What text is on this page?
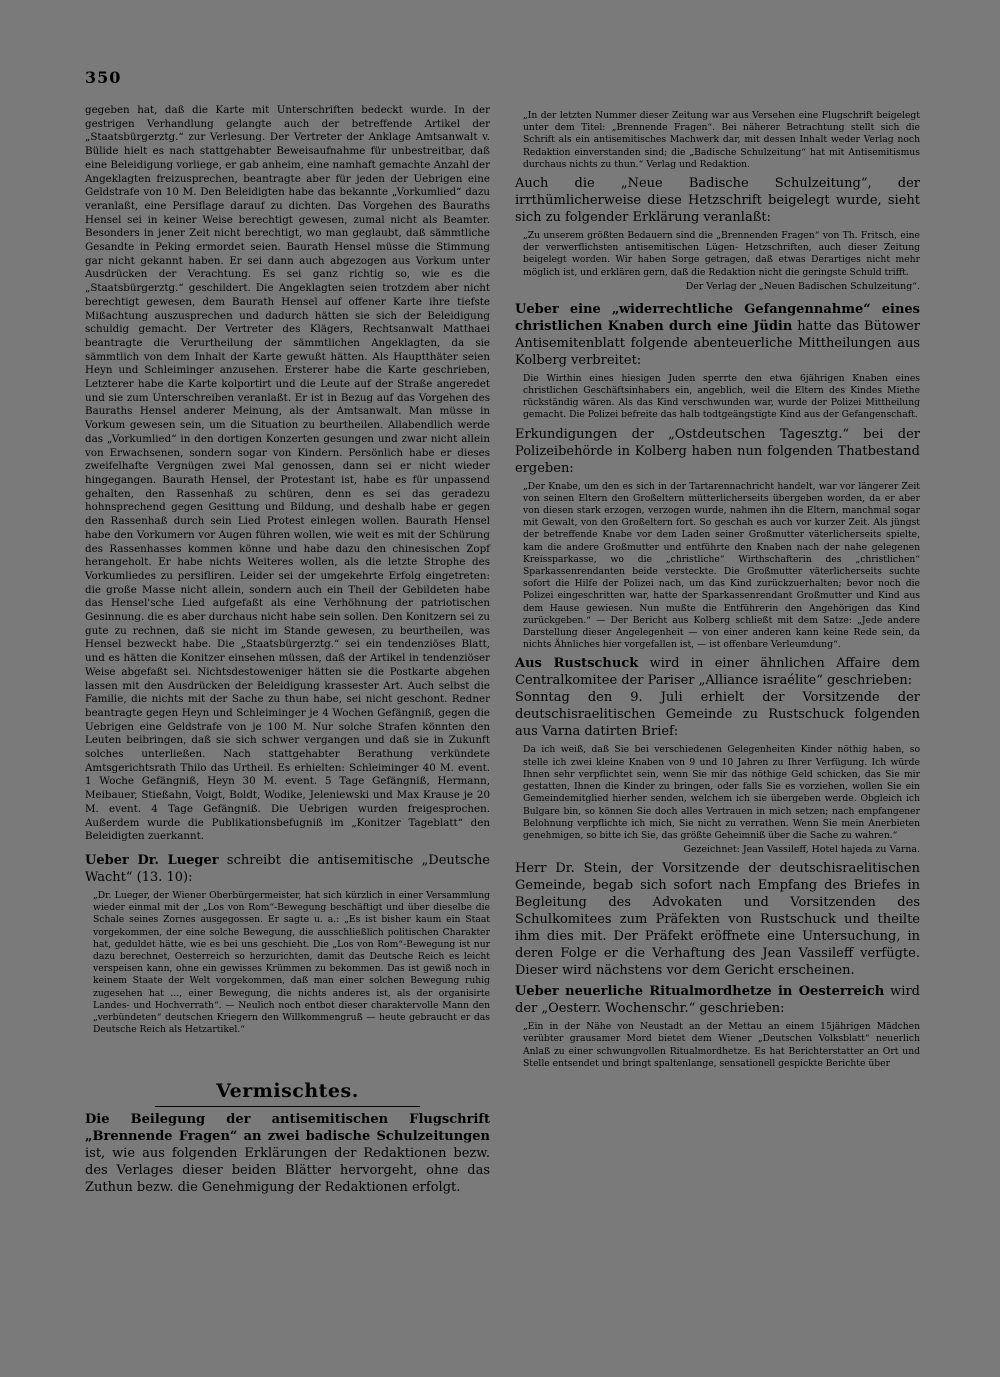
350

gegeben hat, daß die Karte mit Unterschriften bedeckt wurde. In der gestrigen Verhandlung gelangte auch der betreffende Artikel der „Staatsbürgerztg.“ zur Verlesung. Der Vertreter der Anklage Amtsanwalt v. Bülide hielt es nach stattgehabter Beweisaufnahme für unbestreitbar, daß eine Beleidigung vorliege, er gab anheim, eine namhaft gemachte Anzahl der Angeklagten freizusprechen, beantragte aber für jeden der Uebrigen eine Geldstrafe von 10 M. Den Beleidigten habe das bekannte „Vorkumlied“ dazu veranlaßt, eine Persiflage darauf zu dichten. Das Vorgehen des Bauraths Hensel sei in keiner Weise berechtigt gewesen, zumal nicht als Beamter. Besonders in jener Zeit nicht berechtigt, wo man geglaubt, daß sämmtliche Gesandte in Peking ermordet seien. Baurath Hensel müsse die Stimmung gar nicht gekannt haben. Er sei dann auch abgezogen aus Vorkum unter Ausdrücken der Verachtung. Es sei ganz richtig so, wie es die „Staatsbürgerztg.“ geschildert. Die Angeklagten seien trotzdem aber nicht berechtigt gewesen, dem Baurath Hensel auf offener Karte ihre tiefste Mißachtung auszusprechen und dadurch hätten sie sich der Beleidigung schuldig gemacht. Der Vertreter des Klägers, Rechtsanwalt Matthaei beantragte die Verurtheilung der sämmtlichen Angeklagten, da sie sämmtlich von dem Inhalt der Karte gewußt hätten. Als Hauptthäter seien Heyn und Schleiminger anzusehen. Ersterer habe die Karte geschrieben, Letzterer habe die Karte kolportirt und die Leute auf der Straße angeredet und sie zum Unterschreiben veranlaßt. Er ist in Bezug auf das Vorgehen des Bauraths Hensel anderer Meinung, als der Amtsanwalt. Man müsse in Vorkum gewesen sein, um die Situation zu beurtheilen. Allabendlich werde das „Vorkumlied“ in den dortigen Konzerten gesungen und zwar nicht allein von Erwachsenen, sondern sogar von Kindern. Persönlich habe er dieses zweifelhafte Vergnügen zwei Mal genossen, dann sei er nicht wieder hingegangen. Baurath Hensel, der Protestant ist, habe es für unpassend gehalten, den Rassenhaß zu schüren, denn es sei das geradezu hohnsprechend gegen Gesittung und Bildung, und deshalb habe er gegen den Rassenhaß durch sein Lied Protest einlegen wollen. Baurath Hensel habe den Vorkumern vor Augen führen wollen, wie weit es mit der Schürung des Rassenhasses kommen könne und habe dazu den chinesischen Zopf herangeholt. Er habe nichts Weiteres wollen, als die letzte Strophe des Vorkumliedes zu persifliren. Leider sei der umgekehrte Erfolg eingetreten: die große Masse nicht allein, sondern auch ein Theil der Gebildeten habe das Hensel'sche Lied aufgefaßt als eine Verhöhnung der patriotischen Gesinnung. die es aber durchaus nicht habe sein sollen. Den Konitzern sei zu gute zu rechnen, daß sie nicht im Stande gewesen, zu beurtheilen, was Hensel bezweckt habe. Die „Staatsbürgerztg.“ sei ein tendenziöses Blatt, und es hätten die Konitzer einsehen müssen, daß der Artikel in tendenziöser Weise abgefaßt sei. Nichtsdestoweniger hätten sie die Postkarte abgehen lassen mit den Ausdrücken der Beleidigung krassester Art. Auch selbst die Familie, die nichts mit der Sache zu thun habe, sei nicht geschont. Redner beantragte gegen Heyn und Schleiminger je 4 Wochen Gefängniß, gegen die Uebrigen eine Geldstrafe von je 100 M. Nur solche Strafen könnten den Leuten beibringen, daß sie sich schwer vergangen und daß sie in Zukunft solches unterließen. Nach stattgehabter Berathung verkündete Amtsgerichtsrath Thilo das Urtheil. Es erhielten: Schleiminger 40 M. event. 1 Woche Gefängniß, Heyn 30 M. event. 5 Tage Gefängniß, Hermann, Meibauer, Stießahn, Voigt, Boldt, Wodike, Jeleniewski und Max Krause je 20 M. event. 4 Tage Gefängniß. Die Uebrigen wurden freigesprochen. Außerdem wurde die Publikationsbefugniß im „Konitzer Tageblatt“ den Beleidigten zuerkannt.

Ueber Dr. Lueger schreibt die antisemitische „Deutsche Wacht“ (13. 10):

„Dr. Lueger, der Wiener Oberbürgermeister, hat sich kürzlich in einer Versammlung wieder einmal mit der „Los von Rom“-Bewegung beschäftigt und über dieselbe die Schale seines Zornes ausgegossen. Er sagte u. a.: „Es ist bisher kaum ein Staat vorgekommen, der eine solche Bewegung, die ausschließlich politischen Charakter hat, geduldet hätte, wie es bei uns geschieht. Die „Los von Rom“-Bewegung ist nur dazu berechnet, Oesterreich so herzurichten, damit das Deutsche Reich es leicht verspeisen kann, ohne ein gewisses Krümmen zu bekommen. Das ist gewiß noch in keinem Staate der Welt vorgekommen, daß man einer solchen Bewegung ruhig zugesehen hat ..., einer Bewegung, die nichts anderes ist, als der organisirte Landes- und Hochverrath“. — Neulich noch entbot dieser charaktervolle Mann den „verbündeten“ deutschen Kriegern den Willkommengruß — heute gebraucht er das Deutsche Reich als Hetzartikel.“

Vermischtes.

Die Beilegung der antisemitischen Flugschrift „Brennende Fragen“ an zwei badische Schulzeitungen ist, wie aus folgenden Erklärungen der Redaktionen bezw. des Verlages dieser beiden Blätter hervorgeht, ohne das Zuthun bezw. die Genehmigung der Redaktionen erfolgt.

„In der letzten Nummer dieser Zeitung war aus Versehen eine Flugschrift beigelegt unter dem Titel: „Brennende Fragen“. Bei näherer Betrachtung stellt sich die Schrift als ein antisemitisches Machwerk dar, mit dessen Inhalt weder Verlag noch Redaktion einverstanden sind; die „Badische Schulzeitung“ hat mit Antisemitismus durchaus nichts zu thun.“ Verlag und Redaktion.

Auch die „Neue Badische Schulzeitung“, der irrthümlicherweise diese Hetzschrift beigelegt wurde, sieht sich zu folgender Erklärung veranlaßt:

„Zu unserem größten Bedauern sind die „Brennenden Fragen“ von Th. Fritsch, eine der verwerflichsten antisemitischen Lügen- Hetzschriften, auch dieser Zeitung beigelegt worden. Wir haben Sorge getragen, daß etwas Derartiges nicht mehr möglich ist, und erklären gern, daß die Redaktion nicht die geringste Schuld trifft.

Der Verlag der „Neuen Badischen Schulzeitung“.

Ueber eine „widerrechtliche Gefangennahme“ eines christlichen Knaben durch eine Jüdin hatte das Bütower Antisemitenblatt folgende abenteuerliche Mittheilungen aus Kolberg verbreitet:

Die Wirthin eines hiesigen Juden sperrte den etwa 6jährigen Knaben eines christlichen Geschäftsinhabers ein, angeblich, weil die Eltern des Kindes Miethe rückständig wären. Als das Kind verschwunden war, wurde der Polizei Mittheilung gemacht. Die Polizei befreite das halb todtgeängstigte Kind aus der Gefangenschaft.

Erkundigungen der „Ostdeutschen Tagesztg.“ bei der Polizeibehörde in Kolberg haben nun folgenden Thatbestand ergeben:

„Der Knabe, um den es sich in der Tartarennachricht handelt, war vor längerer Zeit von seinen Eltern den Großeltern mütterlicherseits übergeben worden, da er aber von diesen stark erzogen, verzogen wurde, nahmen ihn die Eltern, manchmal sogar mit Gewalt, von den Großeltern fort. So geschah es auch vor kurzer Zeit. Als jüngst der betreffende Knabe vor dem Laden seiner Großmutter väterlicherseits spielte, kam die andere Großmutter und entführte den Knaben nach der nahe gelegenen Kreissparkasse, wo die „christliche“ Wirthschafterin des „christlichen“ Sparkassenrendanten beide versteckte. Die Großmutter väterlicherseits suchte sofort die Hilfe der Polizei nach, um das Kind zurückzuerhalten; bevor noch die Polizei eingeschritten war, hatte der Sparkassenrendant Großmutter und Kind aus dem Hause gewiesen. Nun mußte die Entführerin den Angehörigen das Kind zurückgeben.“ — Der Bericht aus Kolberg schließt mit dem Satze: „Jede andere Darstellung dieser Angelegenheit — von einer anderen kann keine Rede sein, da nichts Ähnliches hier vorgefallen ist, — ist offenbare Verleumdung“.

Aus Rustschuck wird in einer ähnlichen Affaire dem Centralkomitee der Pariser „Alliance israélite“ geschrieben:

Sonntag den 9. Juli erhielt der Vorsitzende der deutschisraelitischen Gemeinde zu Rustschuck folgenden aus Varna datirten Brief:

Da ich weiß, daß Sie bei verschiedenen Gelegenheiten Kinder nöthig haben, so stelle ich zwei kleine Knaben von 9 und 10 Jahren zu Ihrer Verfügung. Ich würde Ihnen sehr verpflichtet sein, wenn Sie mir das nöthige Geld schicken, das Sie mir gestatten, Ihnen die Kinder zu bringen, oder falls Sie es vorziehen, wollen Sie ein Gemeindemitglied hierher senden, welchem ich sie übergeben werde. Obgleich ich Bulgare bin, so können Sie doch alles Vertrauen in mich setzen; nach empfangener Belohnung verpflichte ich mich, Sie nicht zu verrathen. Wenn Sie mein Anerbieten genehmigen, so bitte ich Sie, das größte Geheimniß über die Sache zu wahren.“

Gezeichnet: Jean Vassileff, Hotel hajeda zu Varna.

Herr Dr. Stein, der Vorsitzende der deutschisraelitischen Gemeinde, begab sich sofort nach Empfang des Briefes in Begleitung des Advokaten und Vorsitzenden des Schulkomitees zum Präfekten von Rustschuck und theilte ihm dies mit. Der Präfekt eröffnete eine Untersuchung, in deren Folge er die Verhaftung des Jean Vassileff verfügte. Dieser wird nächstens vor dem Gericht erscheinen.

Ueber neuerliche Ritualmordhetze in Oesterreich wird der „Oesterr. Wochenschr.“ geschrieben:

„Ein in der Nähe von Neustadt an der Mettau an einem 15jährigen Mädchen verübter grausamer Mord bietet dem Wiener „Deutschen Volksblatt“ neuerlich Anlaß zu einer schwungvollen Ritualmordhetze. Es hat Berichterstatter an Ort und Stelle entsendet und bringt spaltenlange, sensationell gespickte Berichte über
